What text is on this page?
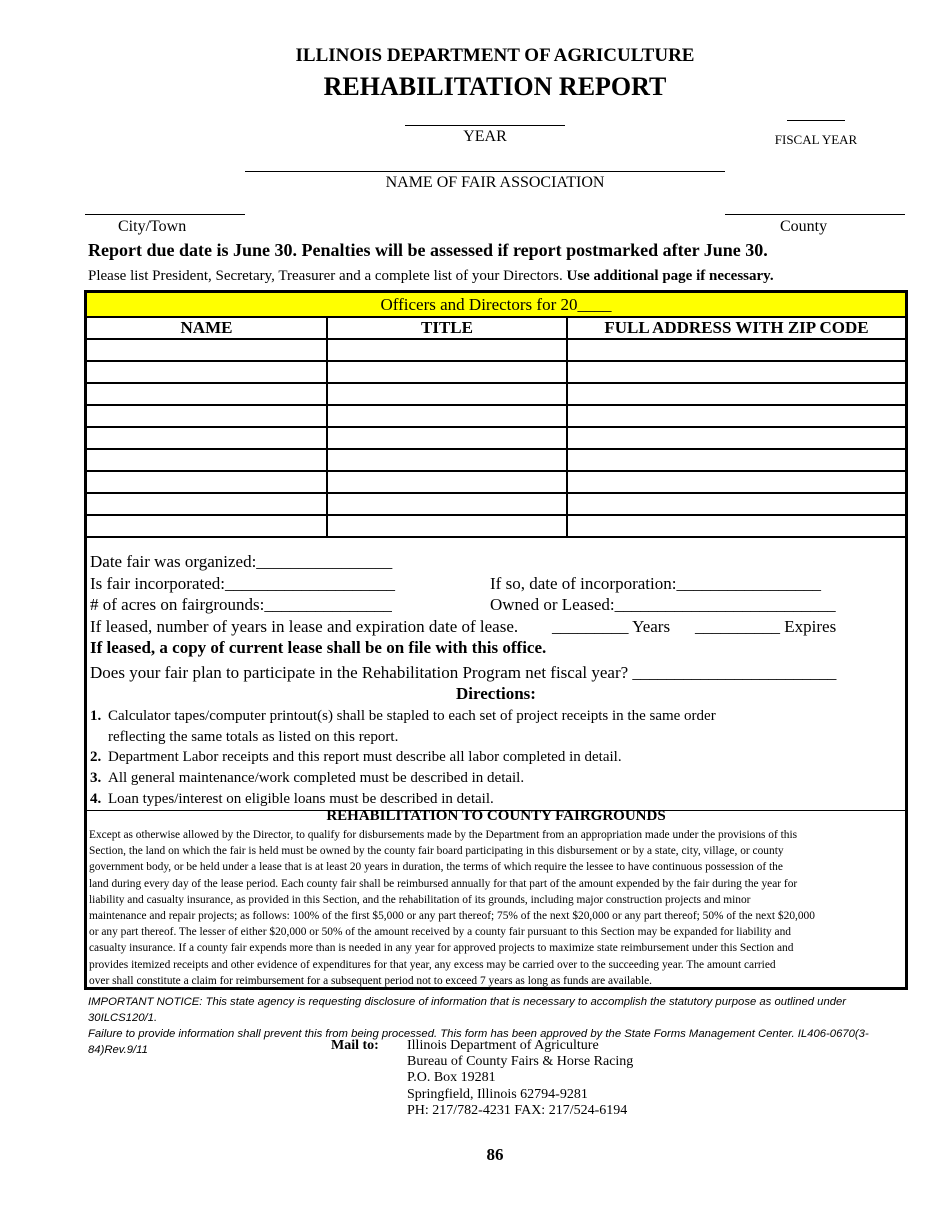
ILLINOIS DEPARTMENT OF AGRICULTURE
REHABILITATION REPORT
YEAR	FISCAL YEAR
NAME OF FAIR ASSOCIATION
City/Town	County
Report due date is June 30. Penalties will be assessed if report postmarked after June 30.
Please list President, Secretary, Treasurer and a complete list of your Directors. Use additional page if necessary.
Officers and Directors for 20____
NAME	TITLE	FULL ADDRESS WITH ZIP CODE

Date fair was organized:________________
Is fair incorporated:____________________	If so, date of incorporation:_________________
# of acres on fairgrounds:_______________	Owned or Leased:__________________________
If leased, number of years in lease and expiration date of lease. _________ Years __________ Expires
If leased, a copy of current lease shall be on file with this office.
Does your fair plan to participate in the Rehabilitation Program net fiscal year? ________________________
Directions:
1. Calculator tapes/computer printout(s) shall be stapled to each set of project receipts in the same order
reflecting the same totals as listed on this report.
2. Department Labor receipts and this report must describe all labor completed in detail.
3. All general maintenance/work completed must be described in detail.
4. Loan types/interest on eligible loans must be described in detail.
REHABILITATION TO COUNTY FAIRGROUNDS
Except as otherwise allowed by the Director, to qualify for disbursements made by the Department from an appropriation made under the provisions of this
Section, the land on which the fair is held must be owned by the county fair board participating in this disbursement or by a state, city, village, or county
government body, or be held under a lease that is at least 20 years in duration, the terms of which require the lessee to have continuous possession of the
land during every day of the lease period. Each county fair shall be reimbursed annually for that part of the amount expended by the fair during the year for
liability and casualty insurance, as provided in this Section, and the rehabilitation of its grounds, including major construction projects and minor
maintenance and repair projects; as follows: 100% of the first $5,000 or any part thereof; 75% of the next $20,000 or any part thereof; 50% of the next $20,000
or any part thereof. The lesser of either $20,000 or 50% of the amount received by a county fair pursuant to this Section may be expanded for liability and
casualty insurance. If a county fair expends more than is needed in any year for approved projects to maximize state reimbursement under this Section and
provides itemized receipts and other evidence of expenditures for that year, any excess may be carried over to the succeeding year. The amount carried
over shall constitute a claim for reimbursement for a subsequent period not to exceed 7 years as long as funds are available.
IMPORTANT NOTICE: This state agency is requesting disclosure of information that is necessary to accomplish the statutory purpose as outlined under 30ILCS120/1.
Failure to provide information shall prevent this from being processed. This form has been approved by the State Forms Management Center. IL406-0670(3-84)Rev.9/11	Mail to: Illinois Department of Agriculture
Bureau of County Fairs & Horse Racing
P.O. Box 19281
Springfield, Illinois 62794-9281
PH: 217/782-4231 FAX: 217/524-6194
86
